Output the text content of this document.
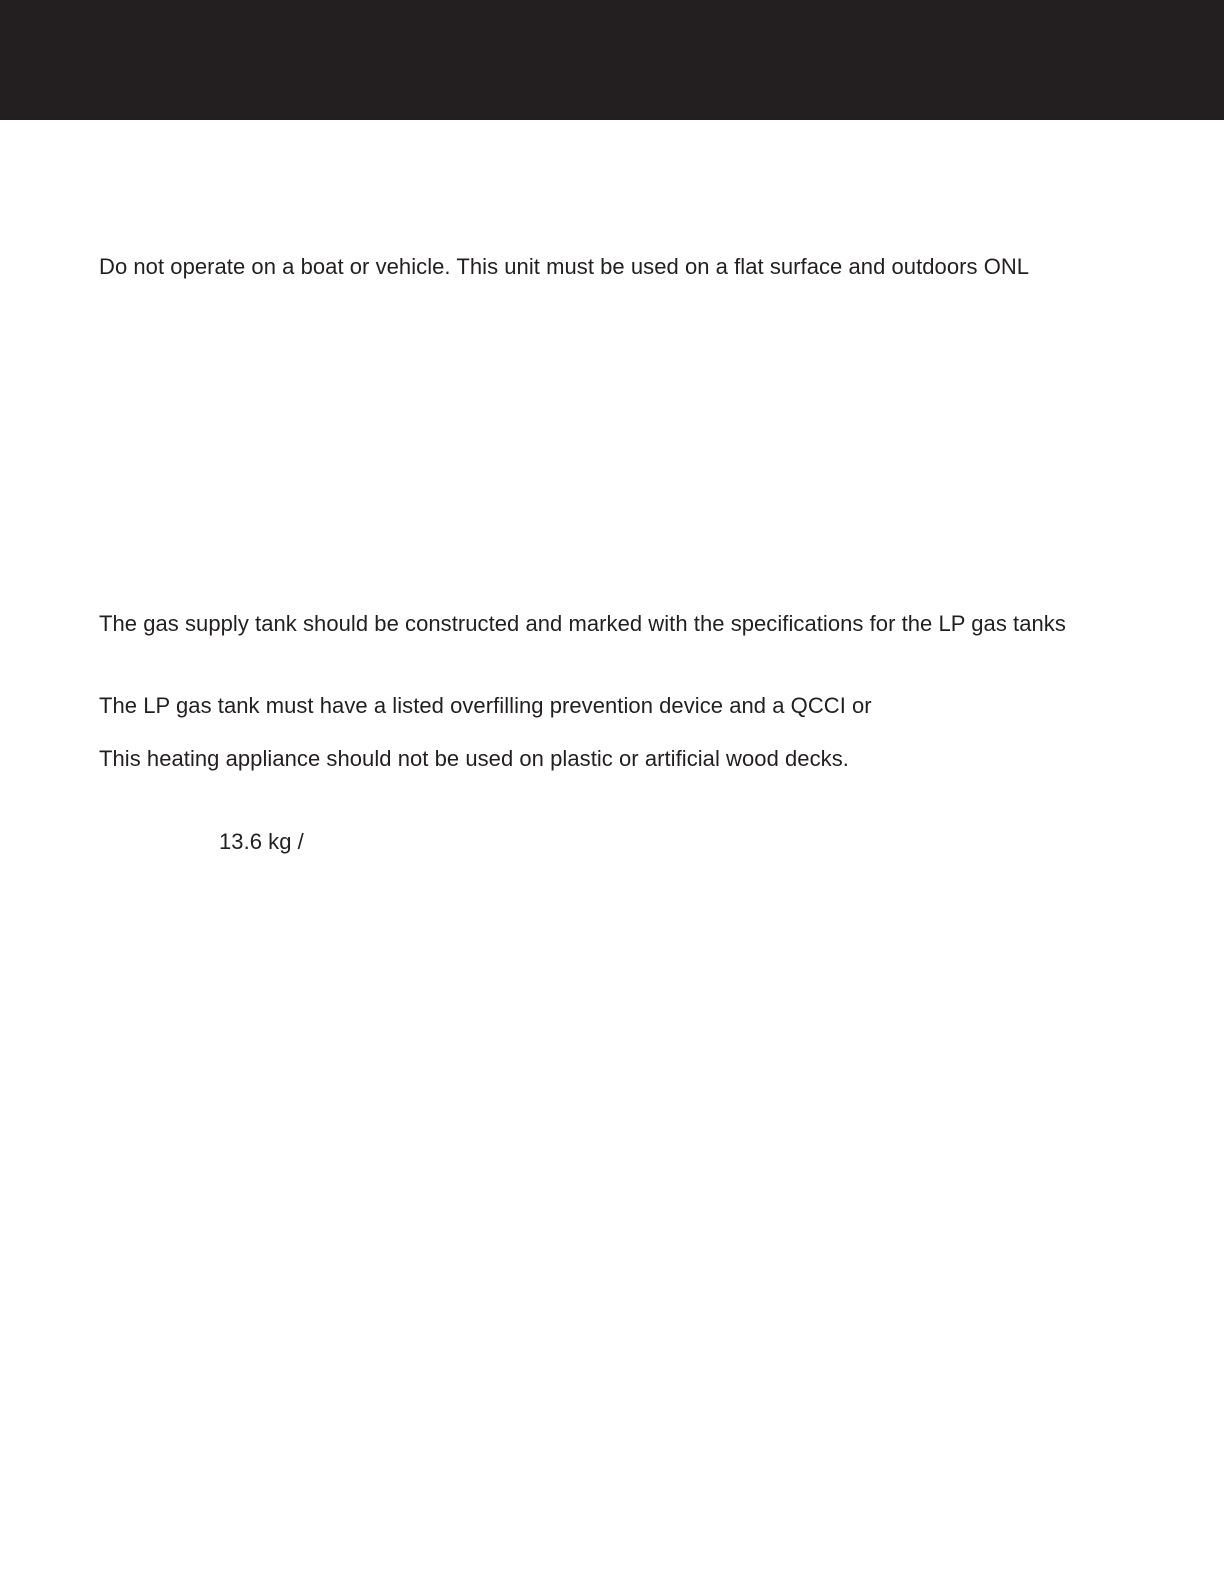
Do not operate on a boat or vehicle. This unit must be used on a flat surface and outdoors ONL
The gas supply tank should be constructed and marked with the specifications for the LP gas tanks
The LP gas tank must have a listed overfilling prevention device and a QCCI or
This heating appliance should not be used on plastic or artificial wood decks.
13.6 kg /
